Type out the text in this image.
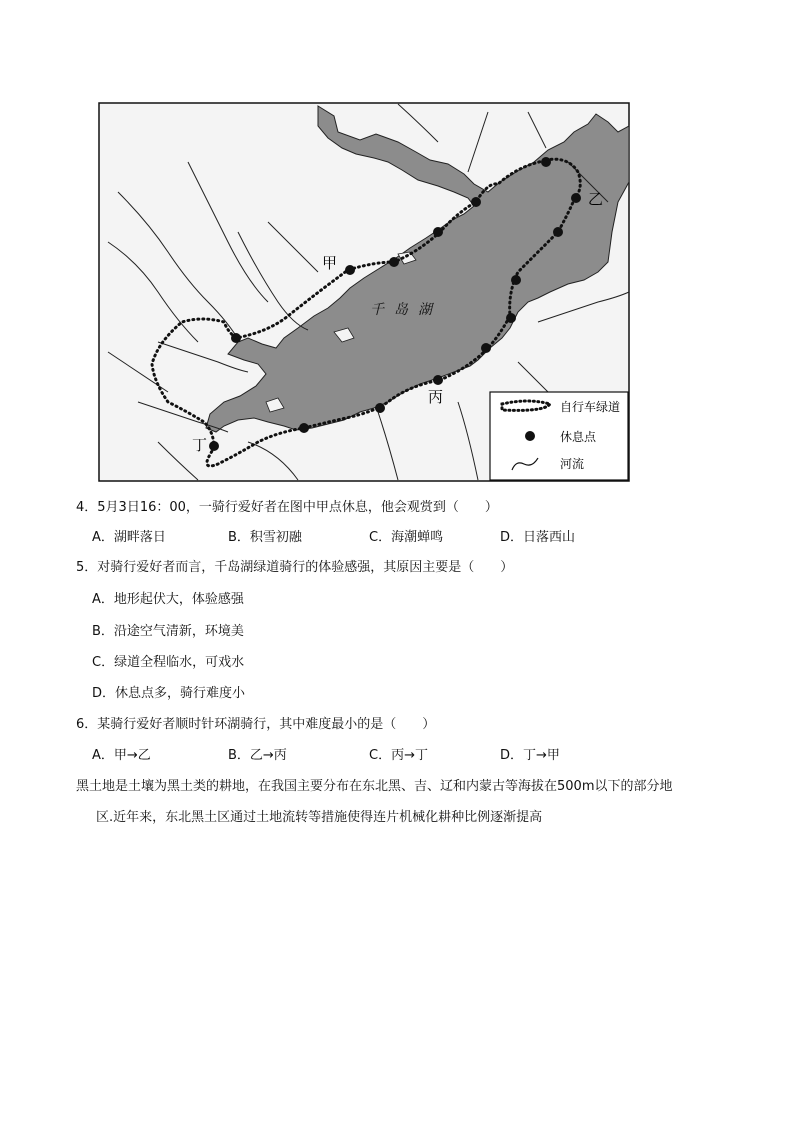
甲
乙
丙
丁
千岛湖
自行车绿道
休息点
河流
4．5月3日16：00，一骑行爱好者在图中甲点休息，他会观赏到（　　）
A．湖畔落日	B．积雪初融	C．海潮蝉鸣	D．日落西山
5．对骑行爱好者而言，千岛湖绿道骑行的体验感强，其原因主要是（　　）
A．地形起伏大，体验感强
B．沿途空气清新，环境美
C．绿道全程临水，可戏水
D．休息点多，骑行难度小
6．某骑行爱好者顺时针环湖骑行，其中难度最小的是（　　）
A．甲→乙	B．乙→丙	C．丙→丁	D．丁→甲
黑土地是土壤为黑土类的耕地，在我国主要分布在东北黑、吉、辽和内蒙古等海拔在500m以下的部分地
区.近年来，东北黑土区通过土地流转等措施使得连片机械化耕种比例逐渐提高
